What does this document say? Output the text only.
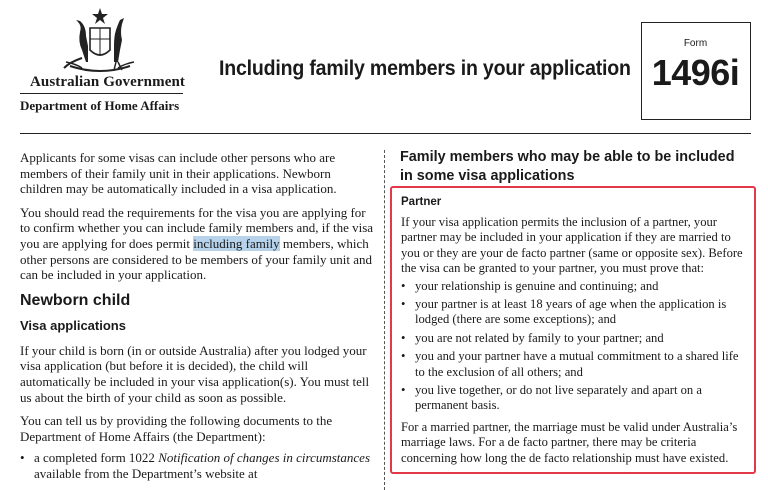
Australian Government
Department of Home Affairs
Including family members in your application
Form
1496i

Applicants for some visas can include other persons who are members of their family unit in their applications. Newborn children may be automatically included in a visa application.

You should read the requirements for the visa you are applying for to confirm whether you can include family members and, if the visa you are applying for does permit including family members, which other persons are considered to be members of your family unit and can be included in your application.

Newborn child
Visa applications

If your child is born (in or outside Australia) after you lodged your visa application (but before it is decided), the child will automatically be included in your visa application(s). You must tell us about the birth of your child as soon as possible.

You can tell us by providing the following documents to the Department of Home Affairs (the Department):

• a completed form 1022 Notification of changes in circumstances available from the Department’s website at
Family members who may be able to be included in some visa applications
Partner

If your visa application permits the inclusion of a partner, your partner may be included in your application if they are married to you or they are your de facto partner (same or opposite sex). Before the visa can be granted to your partner, you must prove that:

• your relationship is genuine and continuing; and
• your partner is at least 18 years of age when the application is lodged (there are some exceptions); and
• you are not related by family to your partner; and
• you and your partner have a mutual commitment to a shared life to the exclusion of all others; and
• you live together, or do not live separately and apart on a permanent basis.

For a married partner, the marriage must be valid under Australia’s marriage laws. For a de facto partner, there may be criteria concerning how long the de facto relationship must have existed.
